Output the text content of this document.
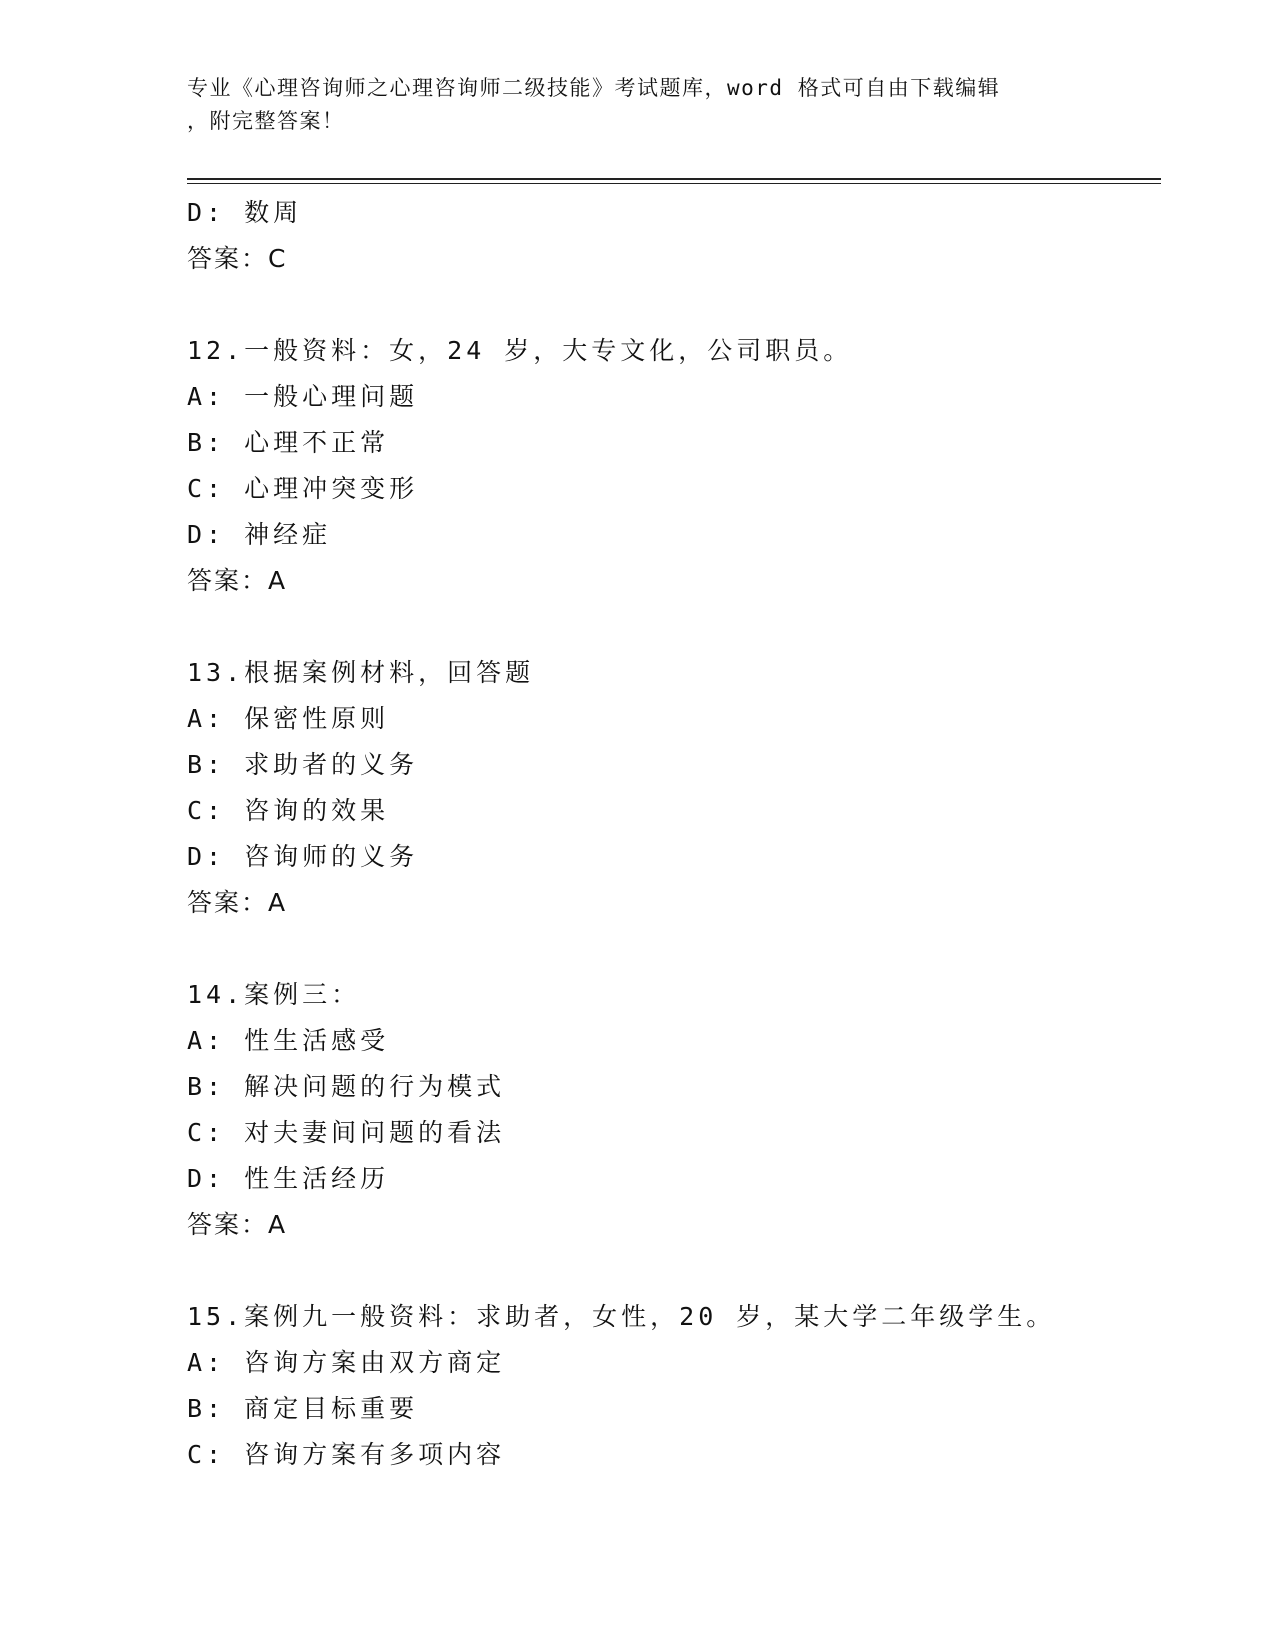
专业《心理咨询师之心理咨询师二级技能》考试题库，word 格式可自由下载编辑
，附完整答案！
D: 数周
答案：C
12.一般资料：女，24 岁，大专文化，公司职员。
A: 一般心理问题
B: 心理不正常
C: 心理冲突变形
D: 神经症
答案：A
13.根据案例材料，回答题
A: 保密性原则
B: 求助者的义务
C: 咨询的效果
D: 咨询师的义务
答案：A
14.案例三：
A: 性生活感受
B: 解决问题的行为模式
C: 对夫妻间问题的看法
D: 性生活经历
答案：A
15.案例九一般资料：求助者，女性，20 岁，某大学二年级学生。
A: 咨询方案由双方商定
B: 商定目标重要
C: 咨询方案有多项内容
